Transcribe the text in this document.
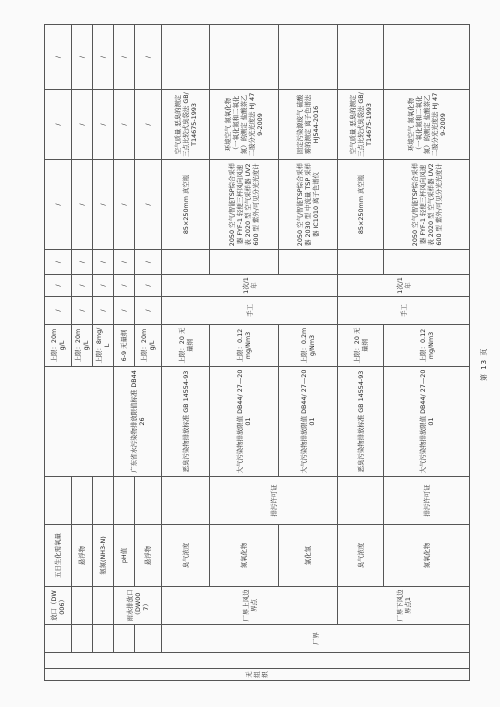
无组织			放口（DW006）	五日生化需氧量			上限：20mg/L	/	/	/	/	/	/
				悬浮物			上限：20mg/L	/	/	/	/	/	/
				氨氮(NH3-N)			上限：8mg/L	/	/	/	/	/	/
			雨水排放口（DW007）	pH值		广东省水污染物排放限值标准 DB4426	6-9 无量纲	/	/	/	/	/	/
				悬浮物			上限：20mg/L	/	/	/	/	/	/
		厂界	厂界上风边界点	臭气浓度		恶臭污染物排放标准 GB 14554-93	上限：20 无量纲	手工	1次/1年		85×250mm 真空瓶	空气质量 恶臭的测定 三点比较式臭袋法 GB/T14675-1993	
				氮氧化物	排污许可证	大气污染物排放限值 DB44/ 27—2001	上限：0.12mg/Nm3				2050 空气/智能TSP综合采样器 FYF-1 轻便三杯风向风速表 2020 型 空气采样器 UV2600 型 紫外/可见分光光度计	环境空气 氮氧化物（一氧化氮和二氧化氮）的测定 盐酸萘乙二胺分光光度法 HJ 479-2009	
				氯化氢		大气污染物排放限值 DB44/ 27—2001	上限：0.2mg/Nm3				2050 空气/智能TSP综合采样器 2030 型 中流量 TSP 采样器 IC1010 离子色谱仪	固定污染源废气 硫酸雾的测定 离子色谱法 HJ544-2016	
			厂界下风边界点1	臭气浓度		恶臭污染物排放标准 GB 14554-93	上限：20 无量纲	手工	1次/1年		85×250mm 真空瓶	空气质量 恶臭的测定 三点比较式臭袋法 GB/T14675-1993	
				氮氧化物	排污许可证	大气污染物排放限值 DB44/ 27—2001	上限：0.12mg/Nm3				2050 空气/智能TSP综合采样器 FYF-1 轻便三杯风向风速表 2020 型 空气采样器 UV2600 型 紫外/可见分光光度计	环境空气 氮氧化物（一氧化氮和二氧化氮）的测定 盐酸萘乙二胺分光光度法 HJ 479-2009	
第 13 页
